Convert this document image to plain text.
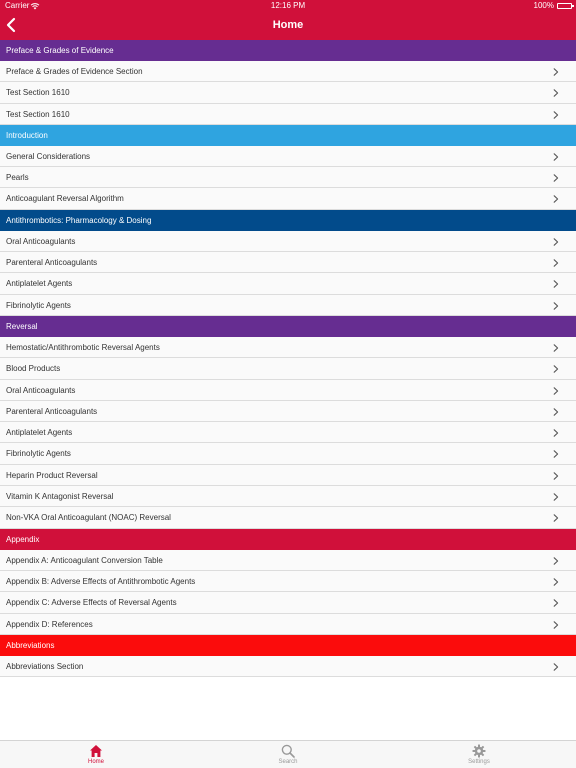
Carrier	12:16 PM	100%
Home
Preface & Grades of Evidence
Preface & Grades of Evidence Section
Test Section 1610
Test Section 1610
Introduction
General Considerations
Pearls
Anticoagulant Reversal Algorithm
Antithrombotics: Pharmacology & Dosing
Oral Anticoagulants
Parenteral Anticoagulants
Antiplatelet Agents
Fibrinolytic Agents
Reversal
Hemostatic/Antithrombotic Reversal Agents
Blood Products
Oral Anticoagulants
Parenteral Anticoagulants
Antiplatelet Agents
Fibrinolytic Agents
Heparin Product Reversal
Vitamin K Antagonist Reversal
Non-VKA Oral Anticoagulant (NOAC) Reversal
Appendix
Appendix A: Anticoagulant Conversion Table
Appendix B: Adverse Effects of Antithrombotic Agents
Appendix C: Adverse Effects of Reversal Agents
Appendix D: References
Abbreviations
Abbreviations Section
Home	Search	Settings
